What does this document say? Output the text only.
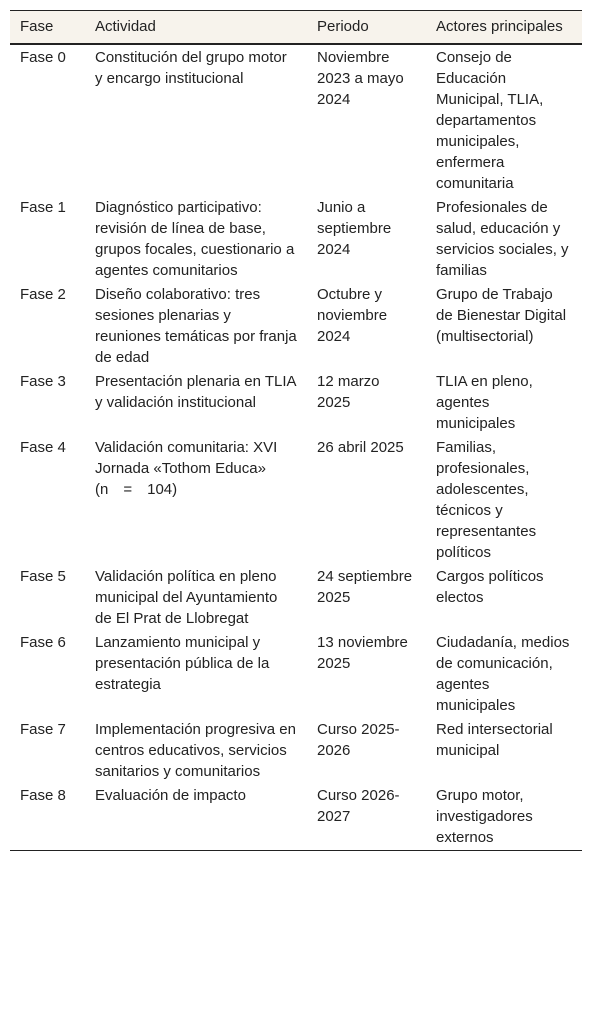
Fase	Actividad	Periodo	Actores principales
Fase 0	Constitución del grupo motor y encargo institucional	Noviembre 2023 a mayo 2024	Consejo de Educación Municipal, TLIA, departamentos municipales, enfermera comunitaria
Fase 1	Diagnóstico participativo: revisión de línea de base, grupos focales, cuestionario a agentes comunitarios	Junio a septiembre 2024	Profesionales de salud, educación y servicios sociales, y familias
Fase 2	Diseño colaborativo: tres sesiones plenarias y reuniones temáticas por franja de edad	Octubre y noviembre 2024	Grupo de Trabajo de Bienestar Digital (multisectorial)
Fase 3	Presentación plenaria en TLIA y validación institucional	12 marzo 2025	TLIA en pleno, agentes municipales
Fase 4	Validación comunitaria: XVI Jornada «Tothom Educa» (n = 104)	26 abril 2025	Familias, profesionales, adolescentes, técnicos y representantes políticos
Fase 5	Validación política en pleno municipal del Ayuntamiento de El Prat de Llobregat	24 septiembre 2025	Cargos políticos electos
Fase 6	Lanzamiento municipal y presentación pública de la estrategia	13 noviembre 2025	Ciudadanía, medios de comunicación, agentes municipales
Fase 7	Implementación progresiva en centros educativos, servicios sanitarios y comunitarios	Curso 2025-2026	Red intersectorial municipal
Fase 8	Evaluación de impacto	Curso 2026-2027	Grupo motor, investigadores externos
